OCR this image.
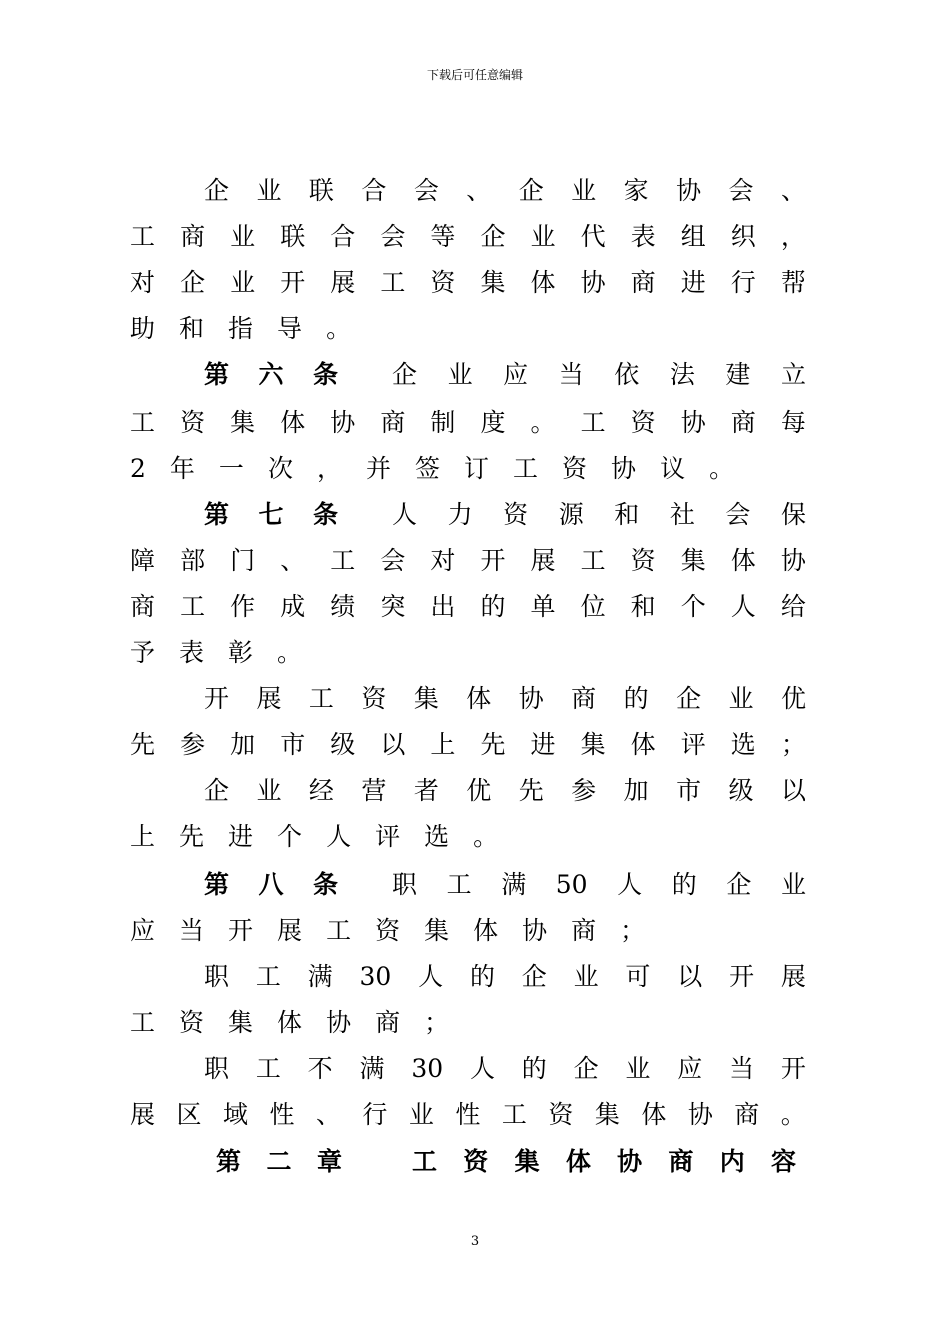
下载后可任意编辑
企 业 联 合 会 、 企 业 家 协 会 、
工 商 业 联 合 会 等 企 业 代 表 组 织 ，
对 企 业 开 展 工 资 集 体 协 商 进 行 帮
助 和 指 导 。
第 六 条 企 业 应 当 依 法 建 立
工 资 集 体 协 商 制 度 。 工 资 协 商 每
2 年 一 次 ， 并 签 订 工 资 协 议 。
第 七 条 人 力 资 源 和 社 会 保
障 部 门 、 工 会 对 开 展 工 资 集 体 协
商 工 作 成 绩 突 出 的 单 位 和 个 人 给
予 表 彰 。
开 展 工 资 集 体 协 商 的 企 业 优
先 参 加 市 级 以 上 先 进 集 体 评 选 ；
企 业 经 营 者 优 先 参 加 市 级 以
上 先 进 个 人 评 选 。
第 八 条 职 工 满 50 人 的 企 业
应 当 开 展 工 资 集 体 协 商 ；
职 工 满 30 人 的 企 业 可 以 开 展
工 资 集 体 协 商 ；
职 工 不 满 30 人 的 企 业 应 当 开
展 区 域 性 、 行 业 性 工 资 集 体 协 商 。
第 二 章	工 资 集 体 协 商 内 容
3
